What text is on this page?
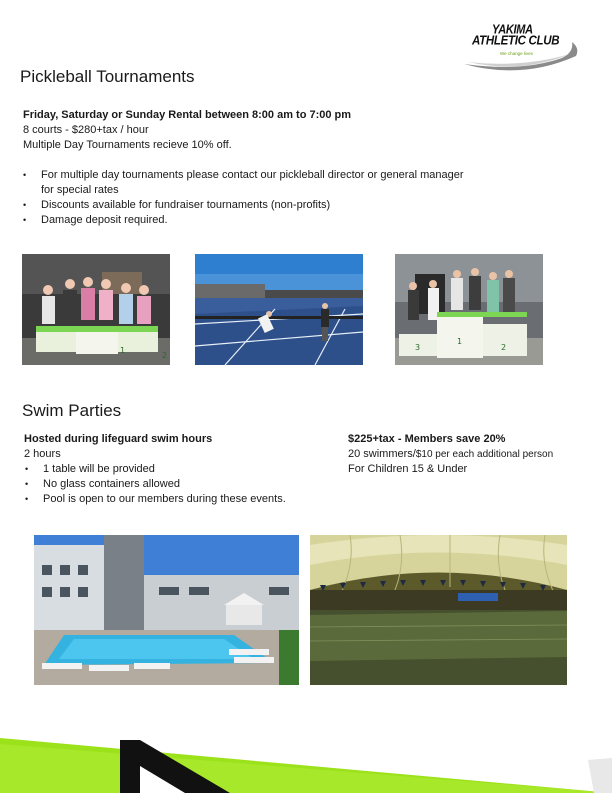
YAKIMA
ATHLETIC CLUB
We change lives
Pickleball Tournaments
Friday, Saturday or Sunday Rental between 8:00 am to 7:00 pm
8 courts - $280+tax / hour
Multiple Day Tournaments recieve 10% off.
• For multiple day tournaments please contact our pickleball director or general manager
for special rates
• Discounts available for fundraiser tournaments (non-profits)
• Damage deposit required.
1
2
3
1
2
Swim Parties
Hosted during lifeguard swim hours
2 hours
• 1 table will be provided
• No glass containers allowed
• Pool is open to our members during these events.
$225+tax - Members save 20%
20 swimmers/$10 per each additional person
For Children 15 & Under
